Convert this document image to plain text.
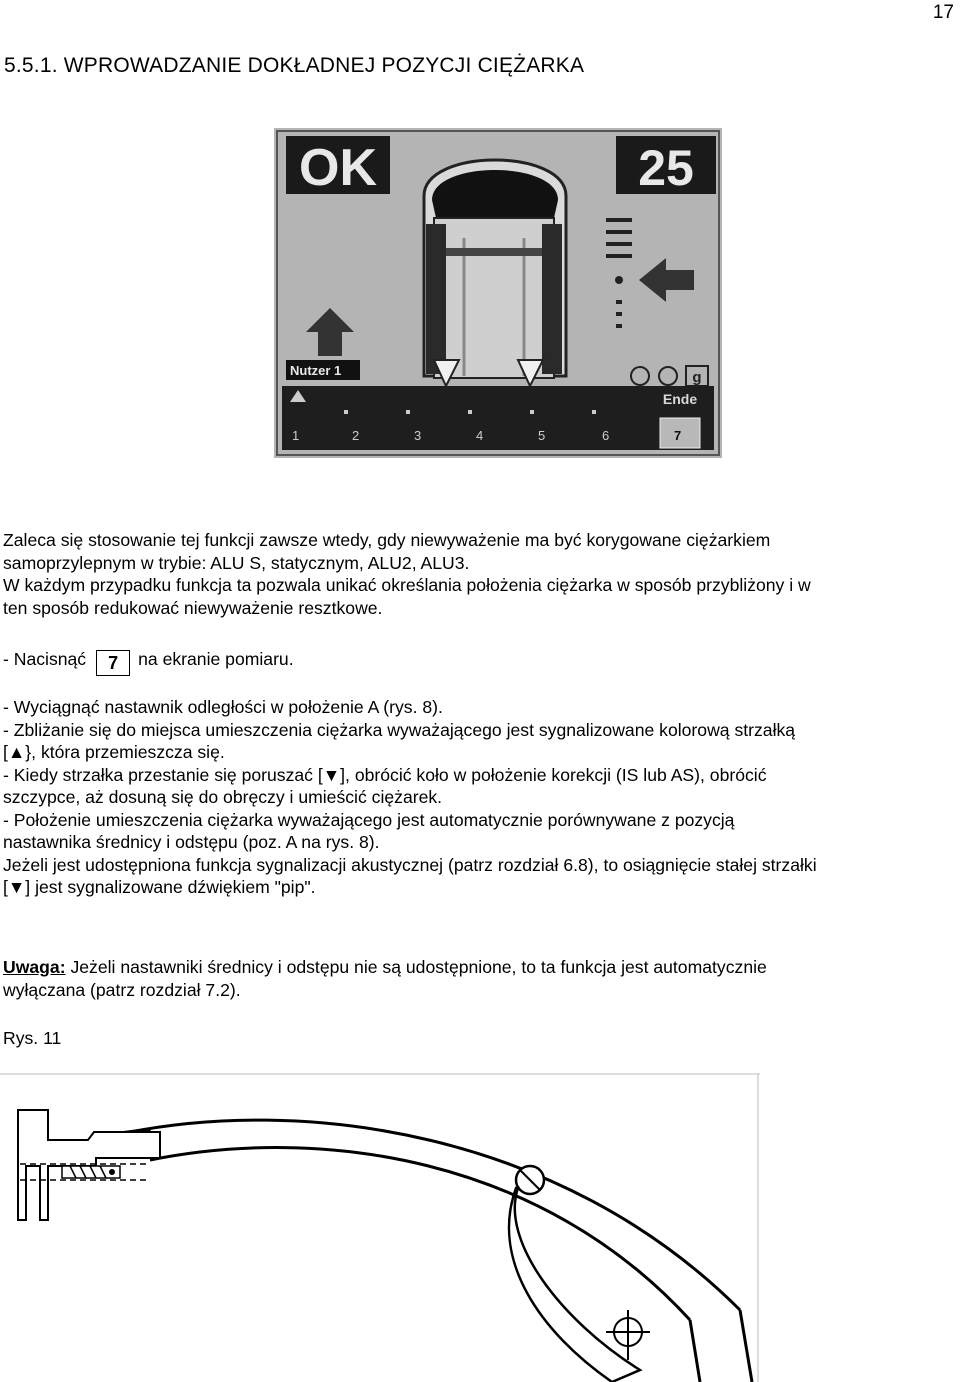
17
5.5.1. WPROWADZANIE DOKŁADNEJ POZYCJI CIĘŻARKA
OK	25
Nutzer 1	g
Ende
1	2	3	4	5	6	7
Zaleca się stosowanie tej funkcji zawsze wtedy, gdy niewyważenie ma być korygowane ciężarkiem
samoprzylepnym w trybie: ALU S, statycznym, ALU2, ALU3.
W każdym przypadku funkcja ta pozwala unikać określania położenia ciężarka w sposób przybliżony i w
ten sposób redukować niewyważenie resztkowe.
- Nacisnąć 7 na ekranie pomiaru.
- Wyciągnąć nastawnik odległości w położenie A (rys. 8).
- Zbliżanie się do miejsca umieszczenia ciężarka wyważającego jest sygnalizowane kolorową strzałką
[▲}, która przemieszcza się.
- Kiedy strzałka przestanie się poruszać [▼], obrócić koło w położenie korekcji (IS lub AS), obrócić
szczypce, aż dosuną się do obręczy i umieścić ciężarek.
- Położenie umieszczenia ciężarka wyważającego jest automatycznie porównywane z pozycją
nastawnika średnicy i odstępu (poz. A na rys. 8).
Jeżeli jest udostępniona funkcja sygnalizacji akustycznej (patrz rozdział 6.8), to osiągnięcie stałej strzałki
[▼] jest sygnalizowane dźwiękiem "pip".
Uwaga: Jeżeli nastawniki średnicy i odstępu nie są udostępnione, to ta funkcja jest automatycznie
wyłączana (patrz rozdział 7.2).
Rys. 11
